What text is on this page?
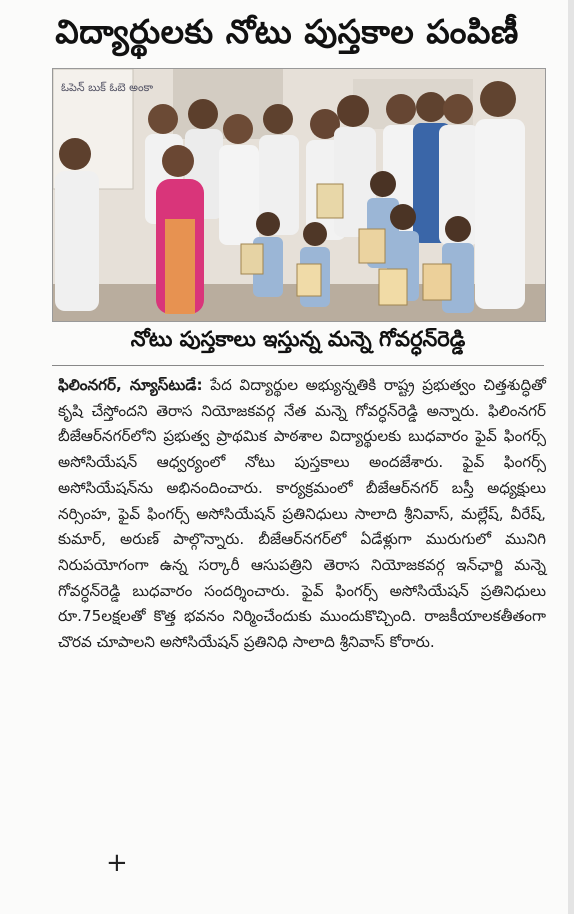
విద్యార్థులకు నోటు పుస్తకాల పంపిణీ
ఓపెన్ బుక్ ఓబె అంకా
నోటు పుస్తకాలు ఇస్తున్న మన్నె గోవర్ధన్‌రెడ్డి
ఫిలింనగర్, న్యూస్‌టుడే: పేద విద్యార్థుల అభ్యున్నతికి రాష్ట్ర ప్రభుత్వం చిత్తశుద్ధితో కృషి చేస్తోందని తెరాస నియోజకవర్గ నేత మన్నె గోవర్ధన్‌రెడ్డి అన్నారు. ఫిలింనగర్ బీజేఆర్‌నగర్‌లోని ప్రభుత్వ ప్రాథమిక పాఠశాల విద్యార్థులకు బుధవారం ఫైవ్ ఫింగర్స్ అసోసియేషన్ ఆధ్వర్యంలో నోటు పుస్తకాలు అందజేశారు. ఫైవ్ ఫింగర్స్ అసోసియేషన్‌ను అభినందించారు. కార్యక్రమంలో బీజేఆర్‌నగర్ బస్తీ అధ్యక్షులు నర్సింహ, ఫైవ్ ఫింగర్స్ అసోసియేషన్ ప్రతినిధులు సాలాది శ్రీనివాస్, మల్లేష్, వీరేష్, కుమార్, అరుణ్ పాల్గొన్నారు. బీజేఆర్‌నగర్‌లో ఏడేళ్లుగా మురుగులో మునిగి నిరుపయోగంగా ఉన్న సర్కారీ ఆసుపత్రిని తెరాస నియోజకవర్గ ఇన్‌ఛార్జి మన్నె గోవర్ధన్‌రెడ్డి బుధవారం సందర్శించారు. ఫైవ్ ఫింగర్స్ అసోసియేషన్ ప్రతినిధులు రూ.75లక్షలతో కొత్త భవనం నిర్మించేందుకు ముందుకొచ్చింది. రాజకీయాలకతీతంగా చొరవ చూపాలని అసోసియేషన్ ప్రతినిధి సాలాది శ్రీనివాస్ కోరారు.
+
